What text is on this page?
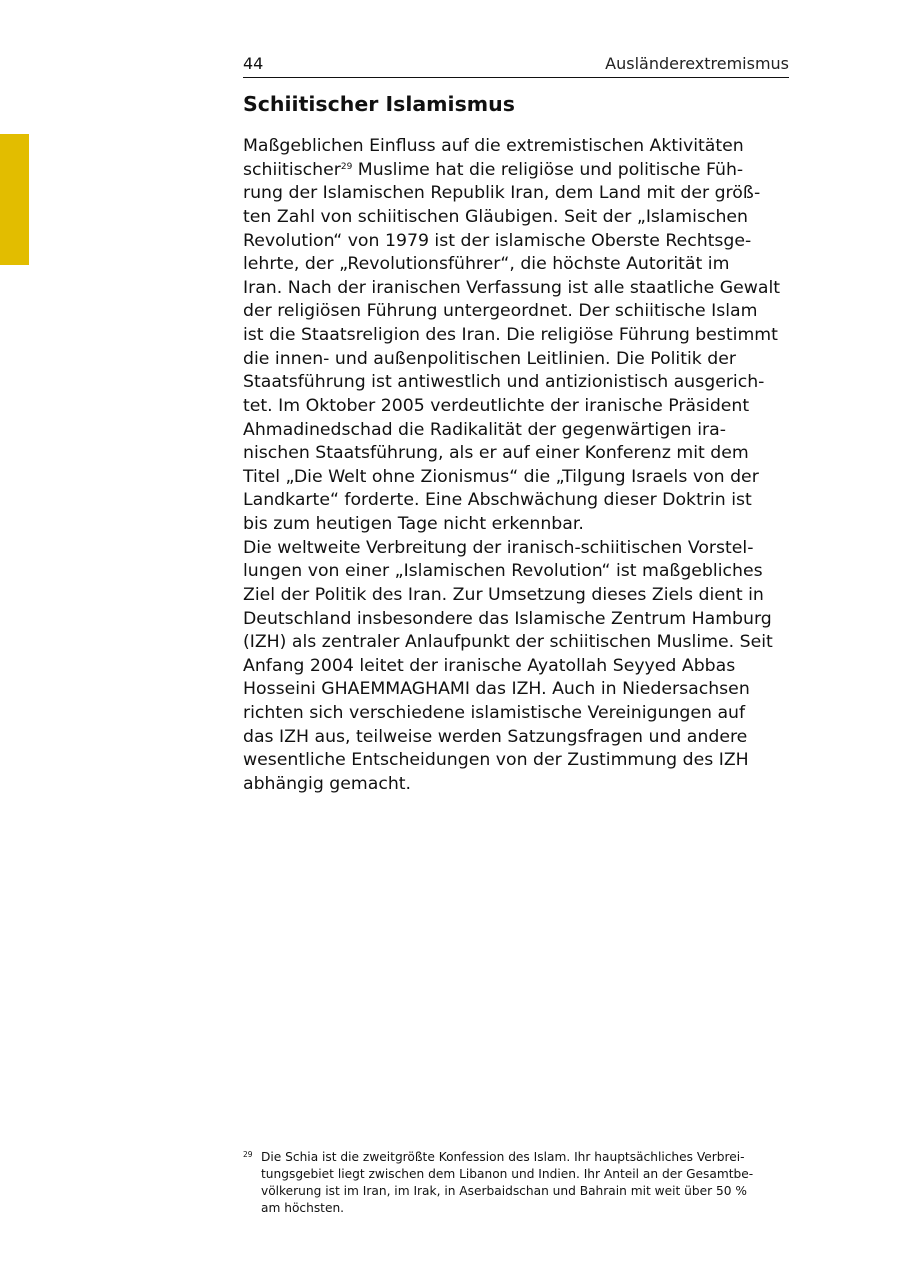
44	Ausländerextremismus
Schiitischer Islamismus
Maßgeblichen Einfluss auf die extremistischen Aktivitäten
schiitischer$^{29}$ Muslime hat die religiöse und politische Füh-
rung der Islamischen Republik Iran, dem Land mit der größ-
ten Zahl von schiitischen Gläubigen. Seit der „Islamischen
Revolution“ von 1979 ist der islamische Oberste Rechtsge-
lehrte, der „Revolutionsführer“, die höchste Autorität im
Iran. Nach der iranischen Verfassung ist alle staatliche Gewalt
der religiösen Führung untergeordnet. Der schiitische Islam
ist die Staatsreligion des Iran. Die religiöse Führung bestimmt
die innen- und außenpolitischen Leitlinien. Die Politik der
Staatsführung ist antiwestlich und antizionistisch ausgerich-
tet. Im Oktober 2005 verdeutlichte der iranische Präsident
Ahmadinedschad die Radikalität der gegenwärtigen ira-
nischen Staatsführung, als er auf einer Konferenz mit dem
Titel „Die Welt ohne Zionismus“ die „Tilgung Israels von der
Landkarte“ forderte. Eine Abschwächung dieser Doktrin ist
bis zum heutigen Tage nicht erkennbar.
Die weltweite Verbreitung der iranisch-schiitischen Vorstel-
lungen von einer „Islamischen Revolution“ ist maßgebliches
Ziel der Politik des Iran. Zur Umsetzung dieses Ziels dient in
Deutschland insbesondere das Islamische Zentrum Hamburg
(IZH) als zentraler Anlaufpunkt der schiitischen Muslime. Seit
Anfang 2004 leitet der iranische Ayatollah Seyyed Abbas
Hosseini GHAEMMAGHAMI das IZH. Auch in Niedersachsen
richten sich verschiedene islamistische Vereinigungen auf
das IZH aus, teilweise werden Satzungsfragen und andere
wesentliche Entscheidungen von der Zustimmung des IZH
abhängig gemacht.
29 Die Schia ist die zweitgrößte Konfession des Islam. Ihr hauptsächliches Verbrei-
tungsgebiet liegt zwischen dem Libanon und Indien. Ihr Anteil an der Gesamtbe-
völkerung ist im Iran, im Irak, in Aserbaidschan und Bahrain mit weit über 50 %
am höchsten.
